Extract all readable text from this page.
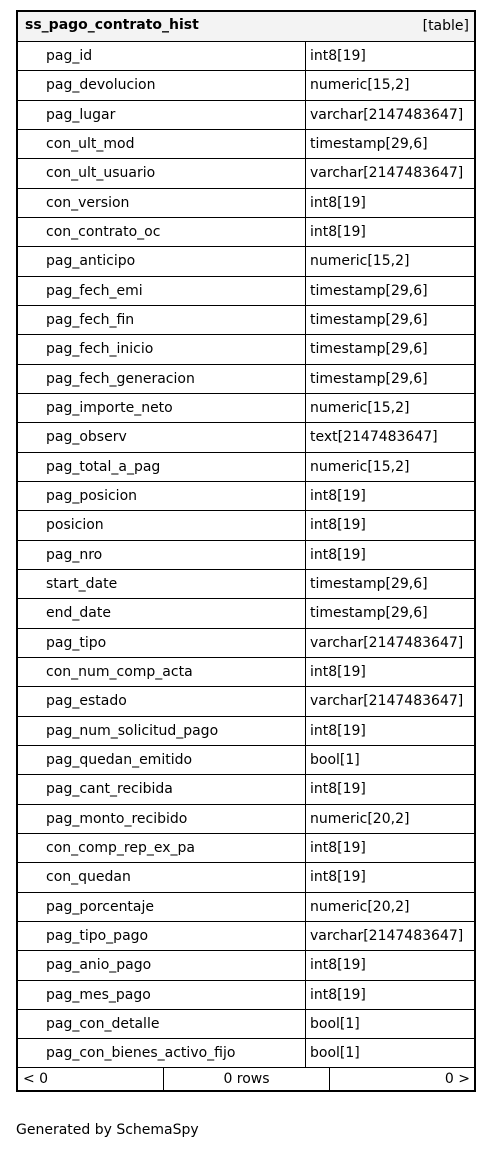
ss_pago_contrato_hist	[table]
pag_id	int8[19]
pag_devolucion	numeric[15,2]
pag_lugar	varchar[2147483647]
con_ult_mod	timestamp[29,6]
con_ult_usuario	varchar[2147483647]
con_version	int8[19]
con_contrato_oc	int8[19]
pag_anticipo	numeric[15,2]
pag_fech_emi	timestamp[29,6]
pag_fech_fin	timestamp[29,6]
pag_fech_inicio	timestamp[29,6]
pag_fech_generacion	timestamp[29,6]
pag_importe_neto	numeric[15,2]
pag_observ	text[2147483647]
pag_total_a_pag	numeric[15,2]
pag_posicion	int8[19]
posicion	int8[19]
pag_nro	int8[19]
start_date	timestamp[29,6]
end_date	timestamp[29,6]
pag_tipo	varchar[2147483647]
con_num_comp_acta	int8[19]
pag_estado	varchar[2147483647]
pag_num_solicitud_pago	int8[19]
pag_quedan_emitido	bool[1]
pag_cant_recibida	int8[19]
pag_monto_recibido	numeric[20,2]
con_comp_rep_ex_pa	int8[19]
con_quedan	int8[19]
pag_porcentaje	numeric[20,2]
pag_tipo_pago	varchar[2147483647]
pag_anio_pago	int8[19]
pag_mes_pago	int8[19]
pag_con_detalle	bool[1]
pag_con_bienes_activo_fijo	bool[1]
< 0	0 rows	0 >
Generated by SchemaSpy
